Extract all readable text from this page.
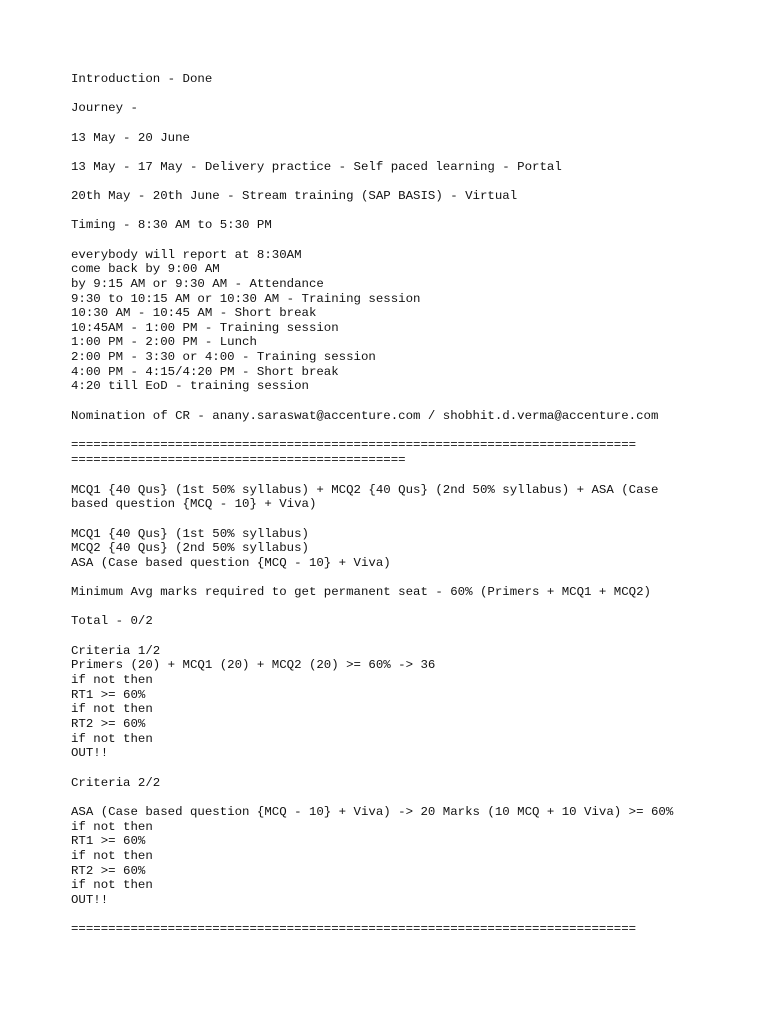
Introduction - Done

Journey -

13 May - 20 June

13 May - 17 May - Delivery practice - Self paced learning - Portal

20th May - 20th June - Stream training (SAP BASIS) - Virtual

Timing - 8:30 AM to 5:30 PM

everybody will report at 8:30AM

come back by 9:00 AM

by 9:15 AM or 9:30 AM - Attendance

9:30 to 10:15 AM or 10:30 AM - Training session

10:30 AM - 10:45 AM - Short break

10:45AM - 1:00 PM - Training session

1:00 PM - 2:00 PM - Lunch

2:00 PM - 3:30 or 4:00 - Training session

4:00 PM - 4:15/4:20 PM - Short break

4:20 till EoD - training session

Nomination of CR - anany.saraswat@accenture.com / shobhit.d.verma@accenture.com

============================================================================

=============================================

MCQ1 {40 Qus} (1st 50% syllabus) + MCQ2 {40 Qus} (2nd 50% syllabus) + ASA (Case

based question {MCQ - 10} + Viva)

MCQ1 {40 Qus} (1st 50% syllabus)

MCQ2 {40 Qus} (2nd 50% syllabus)

ASA (Case based question {MCQ - 10} + Viva)

Minimum Avg marks required to get permanent seat - 60% (Primers + MCQ1 + MCQ2)

Total - 0/2

Criteria 1/2

Primers (20) + MCQ1 (20) + MCQ2 (20) >= 60% -> 36

if not then

RT1 >= 60%

if not then

RT2 >= 60%

if not then

OUT!!

Criteria 2/2

ASA (Case based question {MCQ - 10} + Viva) -> 20 Marks (10 MCQ + 10 Viva) >= 60%

if not then

RT1 >= 60%

if not then

RT2 >= 60%

if not then

OUT!!

============================================================================
